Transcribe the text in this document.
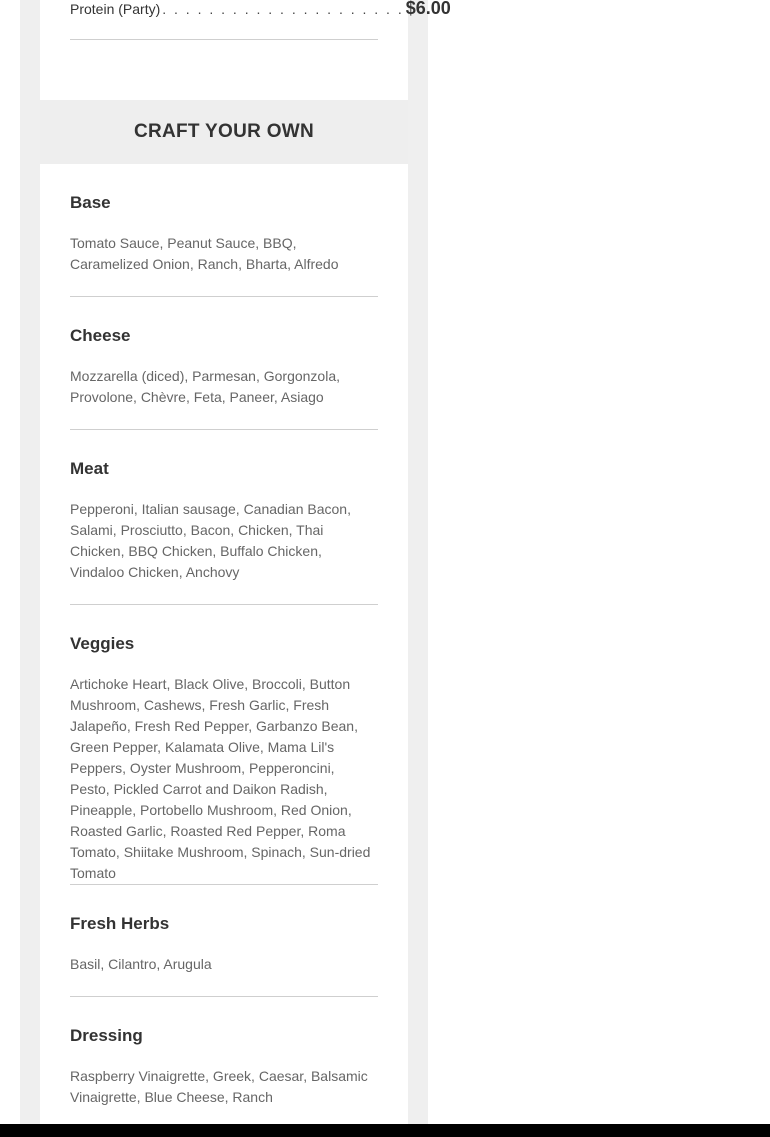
Protein (Party) . . . . . . . . . . . . . . . . . . . . . $6.00
CRAFT YOUR OWN
Base

Tomato Sauce, Peanut Sauce, BBQ, Caramelized Onion, Ranch, Bharta, Alfredo

Cheese

Mozzarella (diced), Parmesan, Gorgonzola, Provolone, Chèvre, Feta, Paneer, Asiago

Meat

Pepperoni, Italian sausage, Canadian Bacon, Salami, Prosciutto, Bacon, Chicken, Thai Chicken, BBQ Chicken, Buffalo Chicken, Vindaloo Chicken, Anchovy

Veggies

Artichoke Heart, Black Olive, Broccoli, Button Mushroom, Cashews, Fresh Garlic, Fresh Jalapeño, Fresh Red Pepper, Garbanzo Bean, Green Pepper, Kalamata Olive, Mama Lil's Peppers, Oyster Mushroom, Pepperoncini, Pesto, Pickled Carrot and Daikon Radish, Pineapple, Portobello Mushroom, Red Onion, Roasted Garlic, Roasted Red Pepper, Roma Tomato, Shiitake Mushroom, Spinach, Sun-dried Tomato

Fresh Herbs

Basil, Cilantro, Arugula

Dressing

Raspberry Vinaigrette, Greek, Caesar, Balsamic Vinaigrette, Blue Cheese, Ranch
